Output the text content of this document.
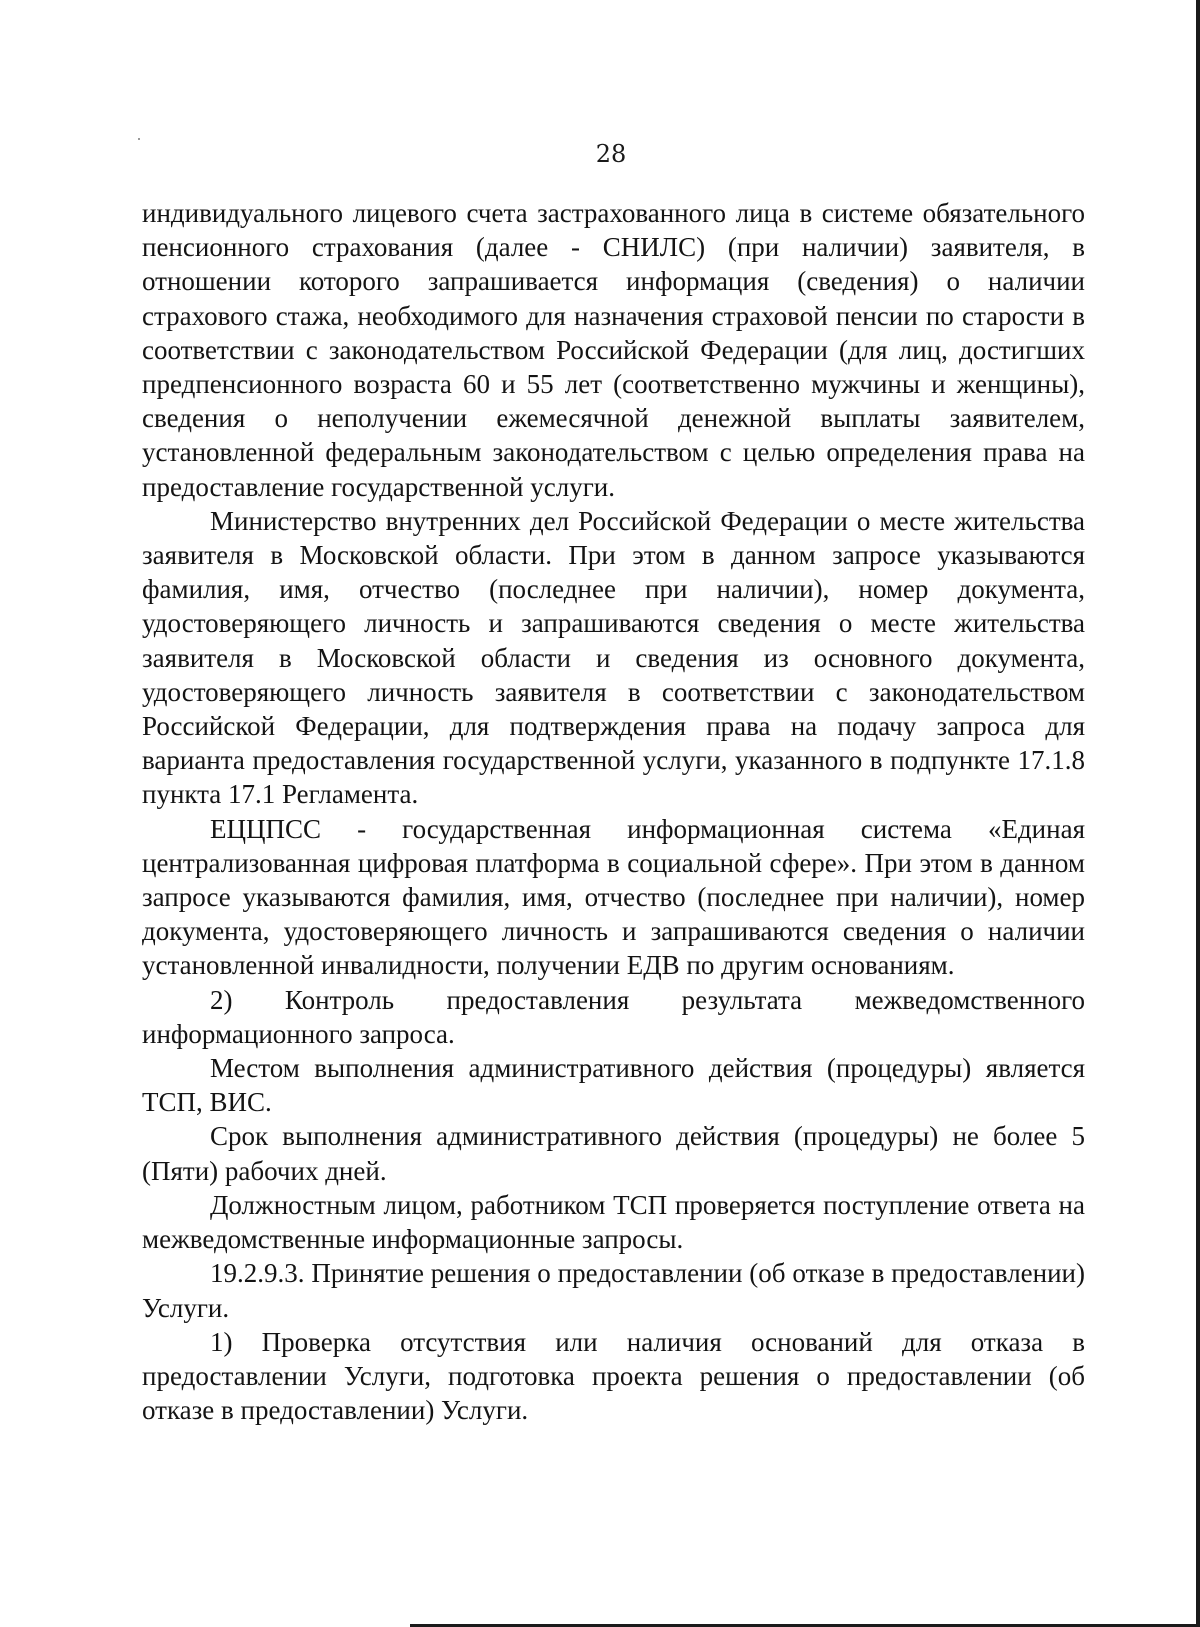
28

индивидуального лицевого счета застрахованного лица в системе обязательного пенсионного страхования (далее - СНИЛС) (при наличии) заявителя, в отношении которого запрашивается информация (сведения) о наличии страхового стажа, необходимого для назначения страховой пенсии по старости в соответствии с законодательством Российской Федерации (для лиц, достигших предпенсионного возраста 60 и 55 лет (соответственно мужчины и женщины), сведения о неполучении ежемесячной денежной выплаты заявителем, установленной федеральным законодательством с целью определения права на предоставление государственной услуги.

Министерство внутренних дел Российской Федерации о месте жительства заявителя в Московской области. При этом в данном запросе указываются фамилия, имя, отчество (последнее при наличии), номер документа, удостоверяющего личность и запрашиваются сведения о месте жительства заявителя в Московской области и сведения из основного документа, удостоверяющего личность заявителя в соответствии с законодательством Российской Федерации, для подтверждения права на подачу запроса для варианта предоставления государственной услуги, указанного в подпункте 17.1.8 пункта 17.1 Регламента.

ЕЦЦПСС - государственная информационная система «Единая централизованная цифровая платформа в социальной сфере». При этом в данном запросе указываются фамилия, имя, отчество (последнее при наличии), номер документа, удостоверяющего личность и запрашиваются сведения о наличии установленной инвалидности, получении ЕДВ по другим основаниям.

2) Контроль предоставления результата межведомственного информационного запроса.

Местом выполнения административного действия (процедуры) является ТСП, ВИС.

Срок выполнения административного действия (процедуры) не более 5 (Пяти) рабочих дней.

Должностным лицом, работником ТСП проверяется поступление ответа на межведомственные информационные запросы.

19.2.9.3. Принятие решения о предоставлении (об отказе в предоставлении) Услуги.

1) Проверка отсутствия или наличия оснований для отказа в предоставлении Услуги, подготовка проекта решения о предоставлении (об отказе в предоставлении) Услуги.
